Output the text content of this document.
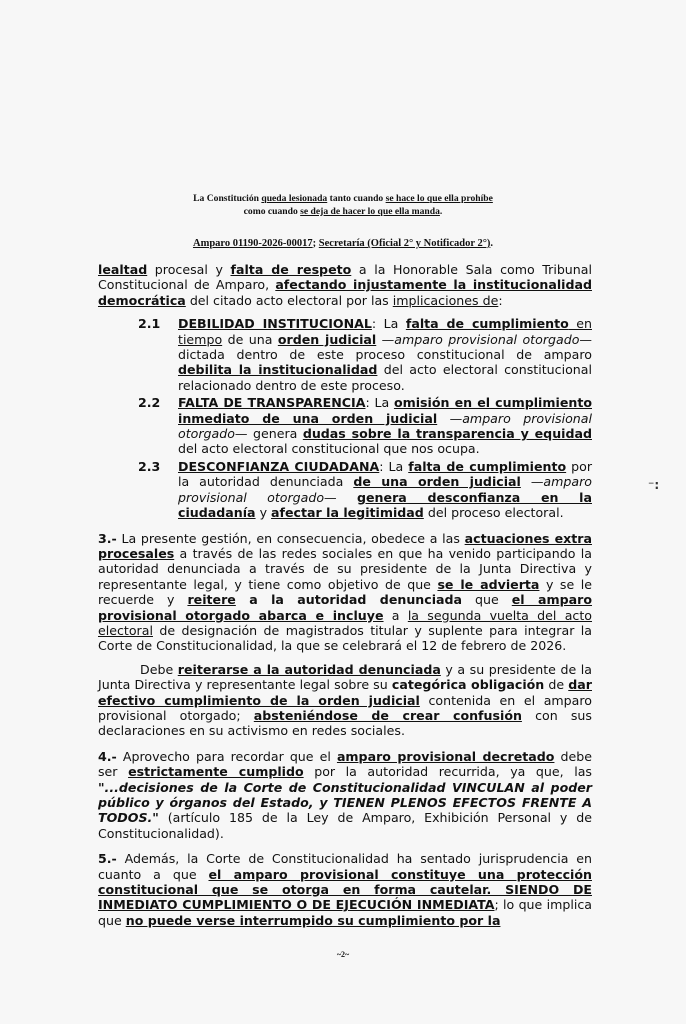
La Constitución queda lesionada tanto cuando se hace lo que ella prohíbe
como cuando se deja de hacer lo que ella manda.
Amparo 01190-2026-00017; Secretaría (Oficial 2° y Notificador 2°).

lealtad procesal y falta de respeto a la Honorable Sala como Tribunal Constitucional de Amparo, afectando injustamente la institucionalidad democrática del citado acto electoral por las implicaciones de:

2.1	DEBILIDAD INSTITUCIONAL: La falta de cumplimiento en tiempo de una orden judicial —amparo provisional otorgado— dictada dentro de este proceso constitucional de amparo debilita la institucionalidad del acto electoral constitucional relacionado dentro de este proceso.
2.2	FALTA DE TRANSPARENCIA: La omisión en el cumplimiento inmediato de una orden judicial —amparo provisional otorgado— genera dudas sobre la transparencia y equidad del acto electoral constitucional que nos ocupa.
2.3	DESCONFIANZA CIUDADANA: La falta de cumplimiento por la autoridad denunciada de una orden judicial —amparo provisional otorgado— genera desconfianza en la ciudadanía y afectar la legitimidad del proceso electoral.

3.- La presente gestión, en consecuencia, obedece a las actuaciones extra procesales a través de las redes sociales en que ha venido participando la autoridad denunciada a través de su presidente de la Junta Directiva y representante legal, y tiene como objetivo de que se le advierta y se le recuerde y reitere a la autoridad denunciada que el amparo provisional otorgado abarca e incluye a la segunda vuelta del acto electoral de designación de magistrados titular y suplente para integrar la Corte de Constitucionalidad, la que se celebrará el 12 de febrero de 2026.

Debe reiterarse a la autoridad denunciada y a su presidente de la Junta Directiva y representante legal sobre su categórica obligación de dar efectivo cumplimiento de la orden judicial contenida en el amparo provisional otorgado; absteniéndose de crear confusión con sus declaraciones en su activismo en redes sociales.

4.- Aprovecho para recordar que el amparo provisional decretado debe ser estrictamente cumplido por la autoridad recurrida, ya que, las "...decisiones de la Corte de Constitucionalidad VINCULAN al poder público y órganos del Estado, y TIENEN PLENOS EFECTOS FRENTE A TODOS." (artículo 185 de la Ley de Amparo, Exhibición Personal y de Constitucionalidad).

5.- Además, la Corte de Constitucionalidad ha sentado jurisprudencia en cuanto a que el amparo provisional constituye una protección constitucional que se otorga en forma cautelar. SIENDO DE INMEDIATO CUMPLIMIENTO O DE EJECUCIÓN INMEDIATA; lo que implica que no puede verse interrumpido su cumplimiento por la

~2~
⁻:
